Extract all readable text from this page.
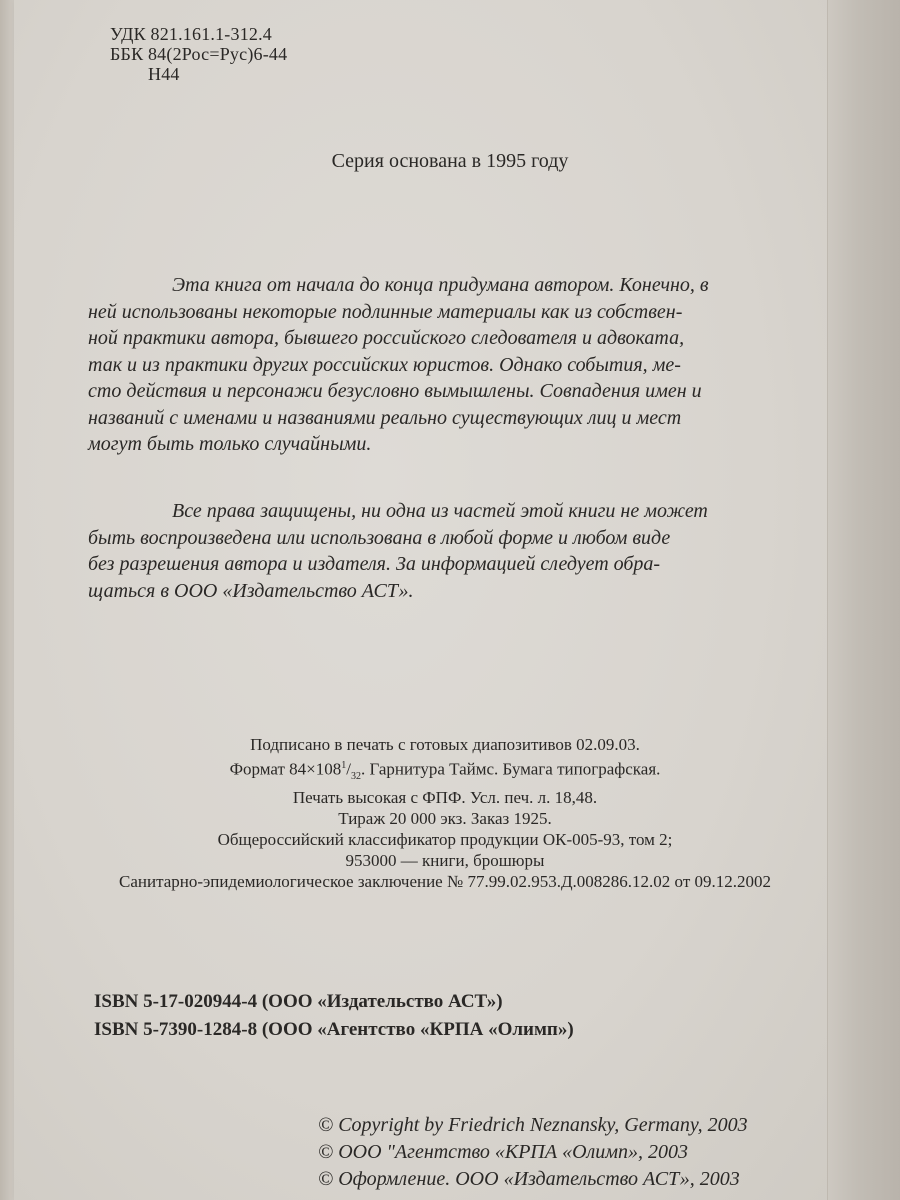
УДК 821.161.1-312.4
ББК 84(2Рос=Рус)6-44
Н44
Серия основана в 1995 году
Эта книга от начала до конца придумана автором. Конечно, в
ней использованы некоторые подлинные материалы как из собствен-
ной практики автора, бывшего российского следователя и адвоката,
так и из практики других российских юристов. Однако события, ме-
сто действия и персонажи безусловно вымышлены. Совпадения имен и
названий с именами и названиями реально существующих лиц и мест
могут быть только случайными.
Все права защищены, ни одна из частей этой книги не может
быть воспроизведена или использована в любой форме и любом виде
без разрешения автора и издателя. За информацией следует обра-
щаться в ООО «Издательство АСТ».
Подписано в печать с готовых диапозитивов 02.09.03.
Формат $84\times 108^1/_{32}$. Гарнитура Таймс. Бумага типографская.
Печать высокая с ФПФ. Усл. печ. л. 18,48.
Тираж 20 000 экз. Заказ 1925.
Общероссийский классификатор продукции ОК-005-93, том 2;
953000 — книги, брошюры
Санитарно-эпидемиологическое заключение № 77.99.02.953.Д.008286.12.02 от 09.12.2002
ISBN 5-17-020944-4 (ООО «Издательство АСТ»)
ISBN 5-7390-1284-8 (ООО «Агентство «КРПА «Олимп»)
© Copyright by Friedrich Neznansky, Germany, 2003
© ООО "Агентство «КРПА «Олимп», 2003
© Оформление. ООО «Издательство АСТ», 2003
